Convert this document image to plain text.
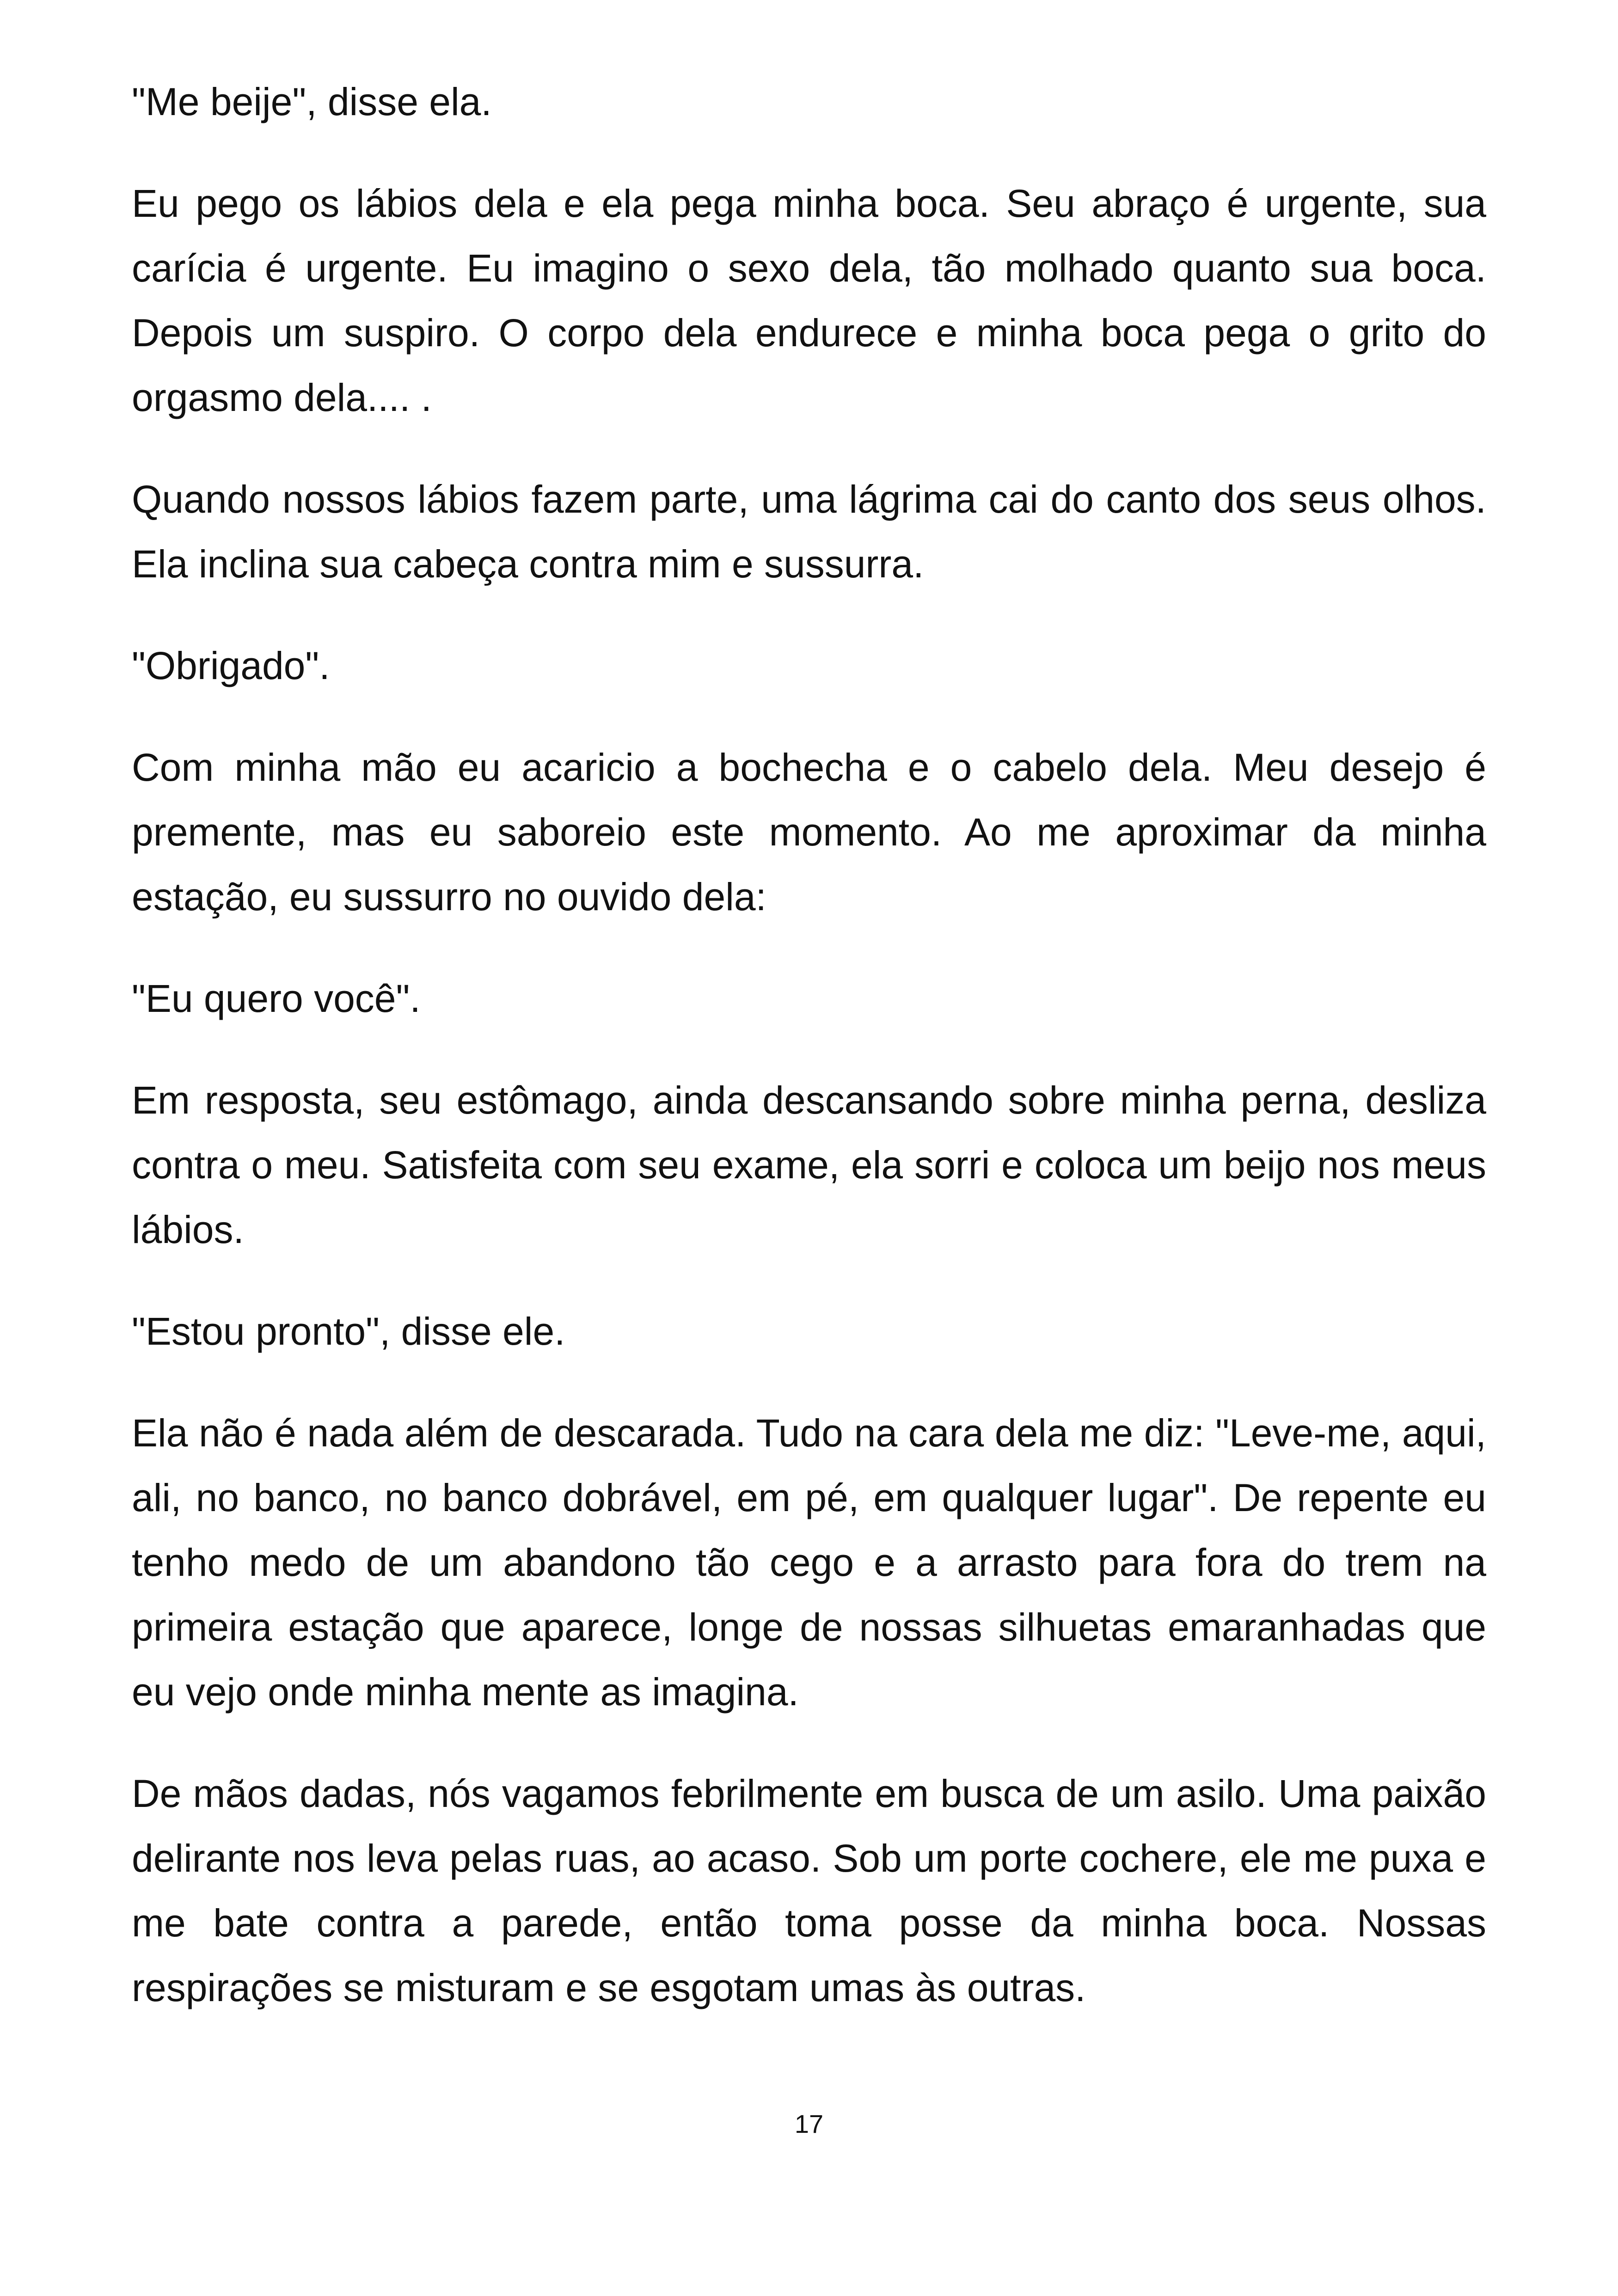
"Me beije", disse ela.

Eu pego os lábios dela e ela pega minha boca. Seu abraço é urgente, sua carícia é urgente. Eu imagino o sexo dela, tão molhado quanto sua boca. Depois um suspiro. O corpo dela endurece e minha boca pega o grito do orgasmo dela.... .

Quando nossos lábios fazem parte, uma lágrima cai do canto dos seus olhos. Ela inclina sua cabeça contra mim e sussurra.

"Obrigado".

Com minha mão eu acaricio a bochecha e o cabelo dela. Meu desejo é premente, mas eu saboreio este momento. Ao me aproximar da minha estação, eu sussurro no ouvido dela:

"Eu quero você".

Em resposta, seu estômago, ainda descansando sobre minha perna, desliza contra o meu. Satisfeita com seu exame, ela sorri e coloca um beijo nos meus lábios.

"Estou pronto", disse ele.

Ela não é nada além de descarada. Tudo na cara dela me diz: "Leve-me, aqui, ali, no banco, no banco dobrável, em pé, em qualquer lugar". De repente eu tenho medo de um abandono tão cego e a arrasto para fora do trem na primeira estação que aparece, longe de nossas silhuetas emaranhadas que eu vejo onde minha mente as imagina.

De mãos dadas, nós vagamos febrilmente em busca de um asilo. Uma paixão delirante nos leva pelas ruas, ao acaso. Sob um porte cochere, ele me puxa e me bate contra a parede, então toma posse da minha boca. Nossas respirações se misturam e se esgotam umas às outras.

17
